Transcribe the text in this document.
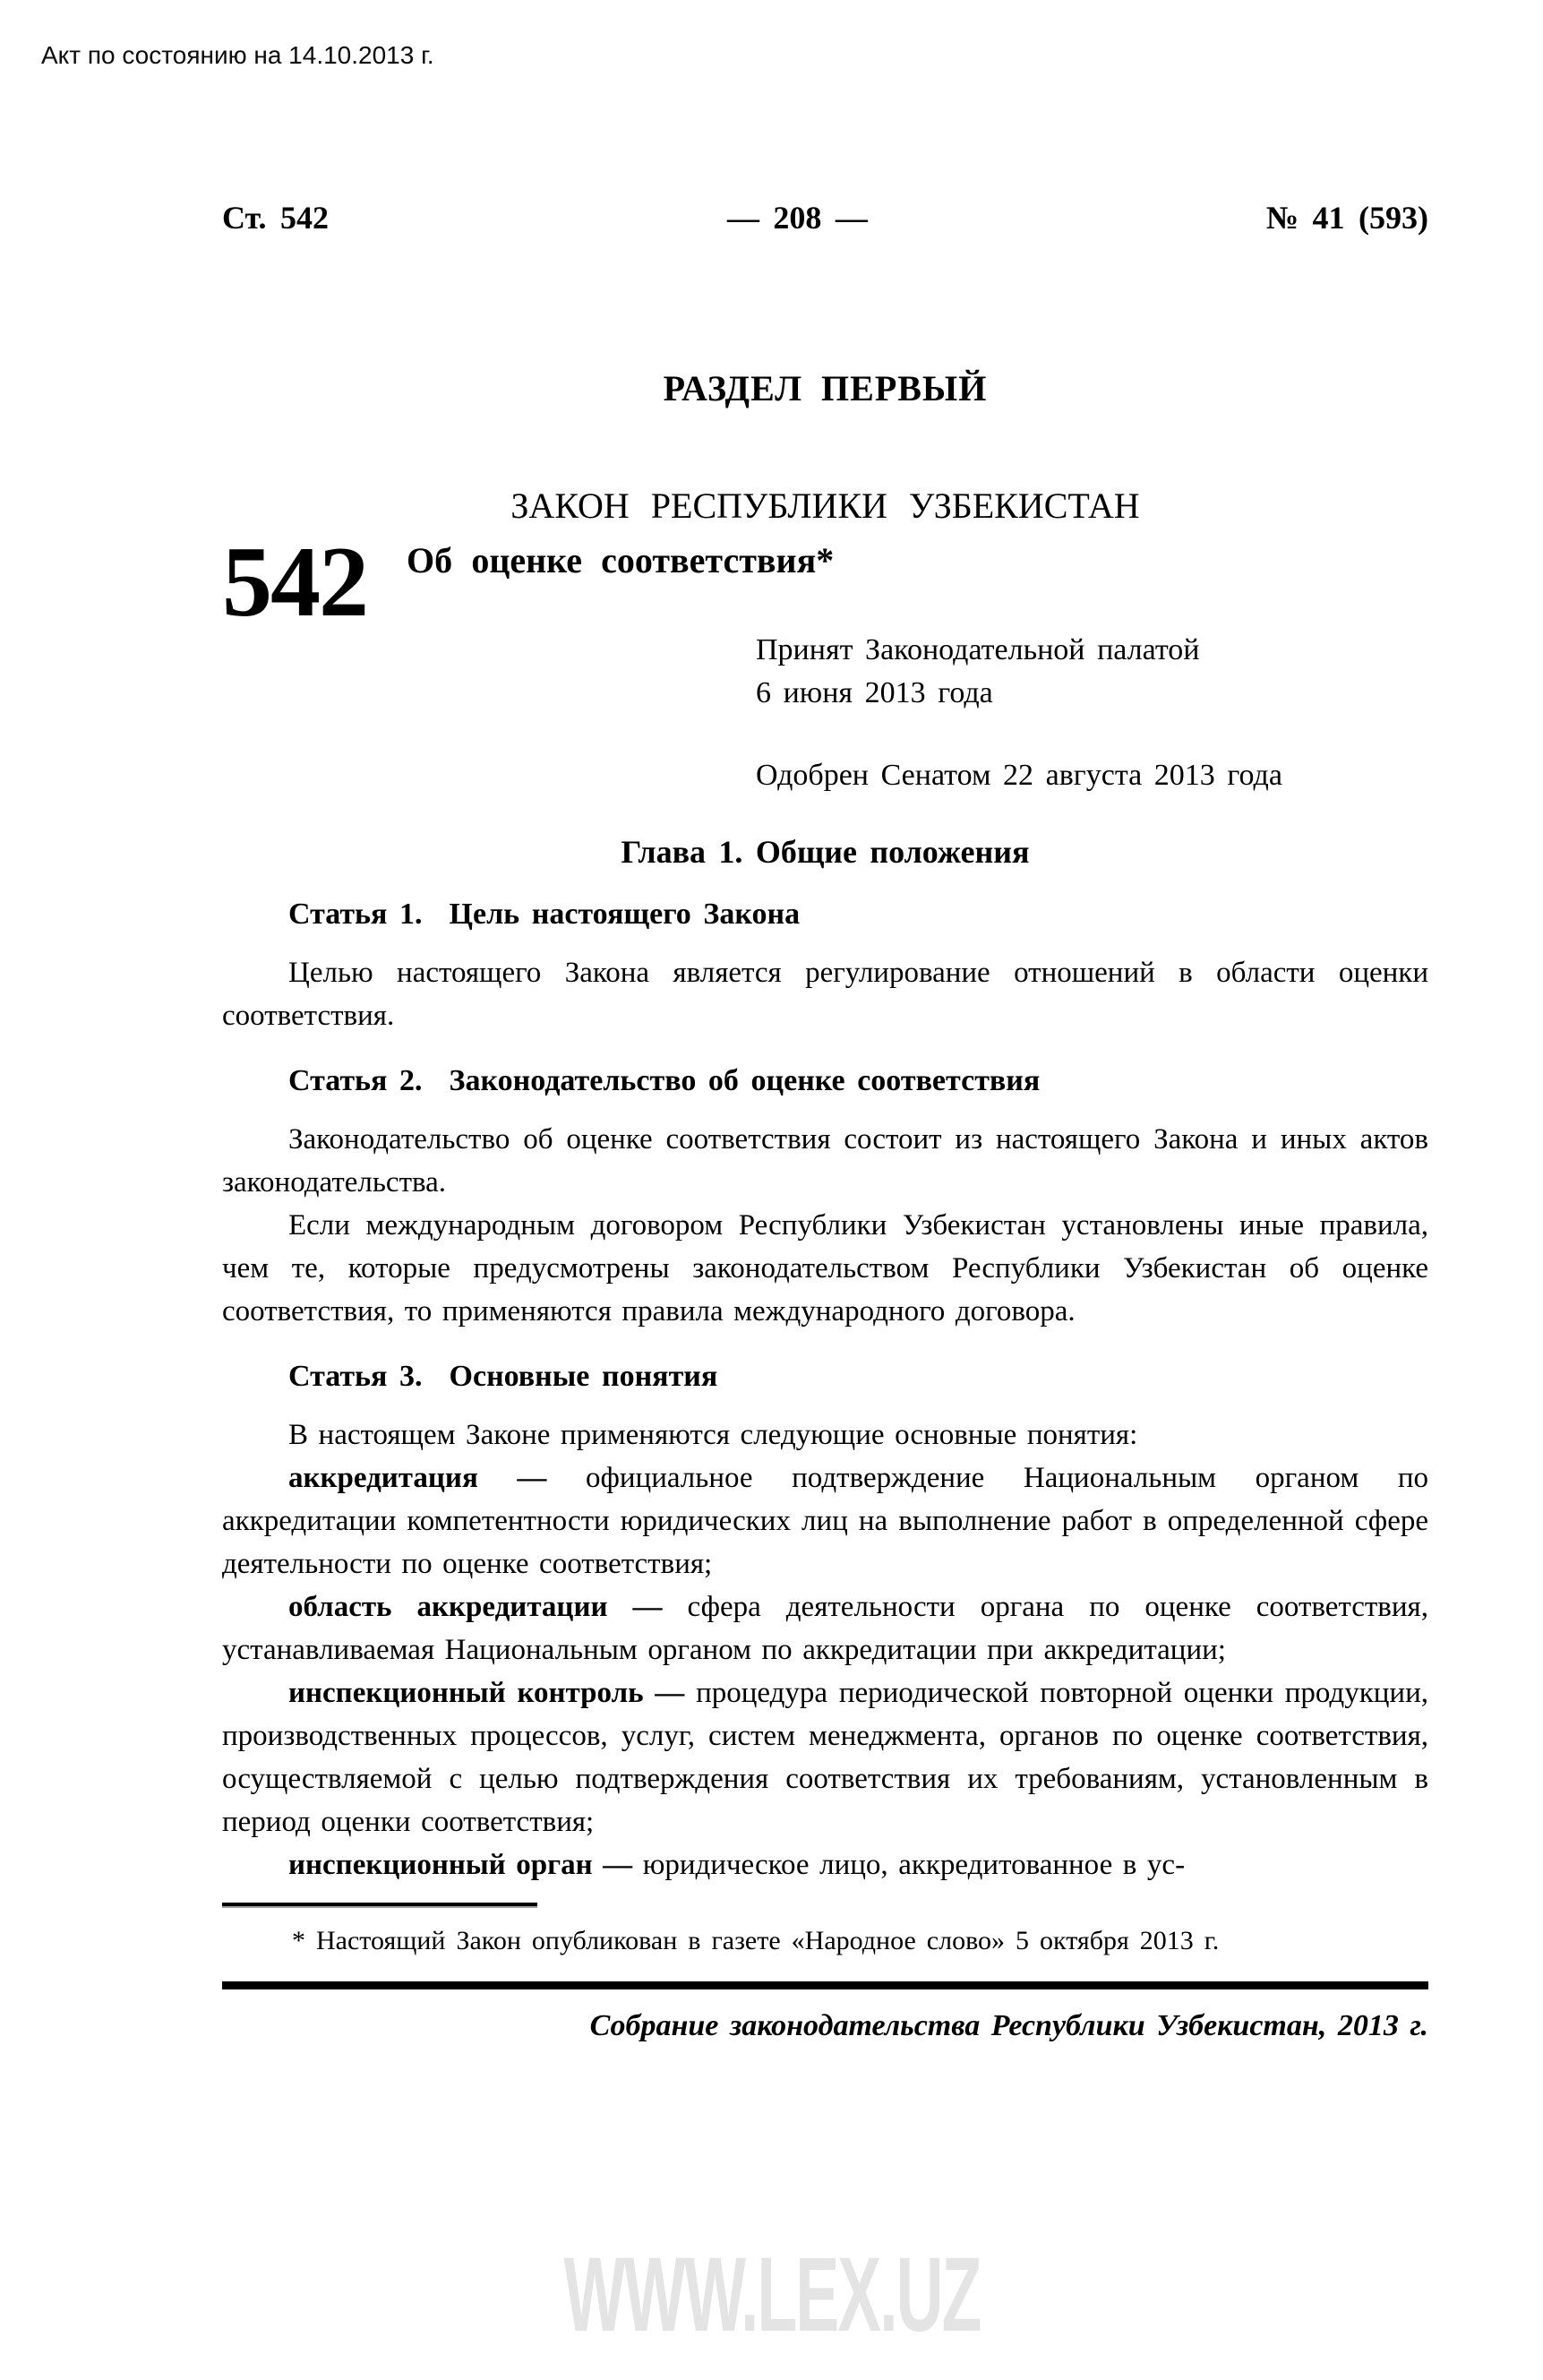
Акт по состоянию на 14.10.2013 г.
Ст. 542	— 208 —	№ 41 (593)
РАЗДЕЛ ПЕРВЫЙ
ЗАКОН РЕСПУБЛИКИ УЗБЕКИСТАН
542 Об оценке соответствия*
Принят Законодательной палатой
6 июня 2013 года
Одобрен Сенатом 22 августа 2013 года
Глава 1. Общие положения
Статья 1. Цель настоящего Закона

Целью настоящего Закона является регулирование отношений в области оценки соответствия.

Статья 2. Законодательство об оценке соответствия

Законодательство об оценке соответствия состоит из настоящего Закона и иных актов законодательства.

Если международным договором Республики Узбекистан установлены иные правила, чем те, которые предусмотрены законодательством Республики Узбекистан об оценке соответствия, то применяются правила международного договора.

Статья 3. Основные понятия

В настоящем Законе применяются следующие основные понятия:

аккредитация — официальное подтверждение Национальным органом по аккредитации компетентности юридических лиц на выполнение работ в определенной сфере деятельности по оценке соответствия;

область аккредитации — сфера деятельности органа по оценке соответствия, устанавливаемая Национальным органом по аккредитации при аккредитации;

инспекционный контроль — процедура периодической повторной оценки продукции, производственных процессов, услуг, систем менеджмента, органов по оценке соответствия, осуществляемой с целью подтверждения соответствия их требованиям, установленным в период оценки соответствия;

инспекционный орган — юридическое лицо, аккредитованное в ус-

* Настоящий Закон опубликован в газете «Народное слово» 5 октября 2013 г.

Собрание законодательства Республики Узбекистан, 2013 г.
WWW.LEX.UZ
